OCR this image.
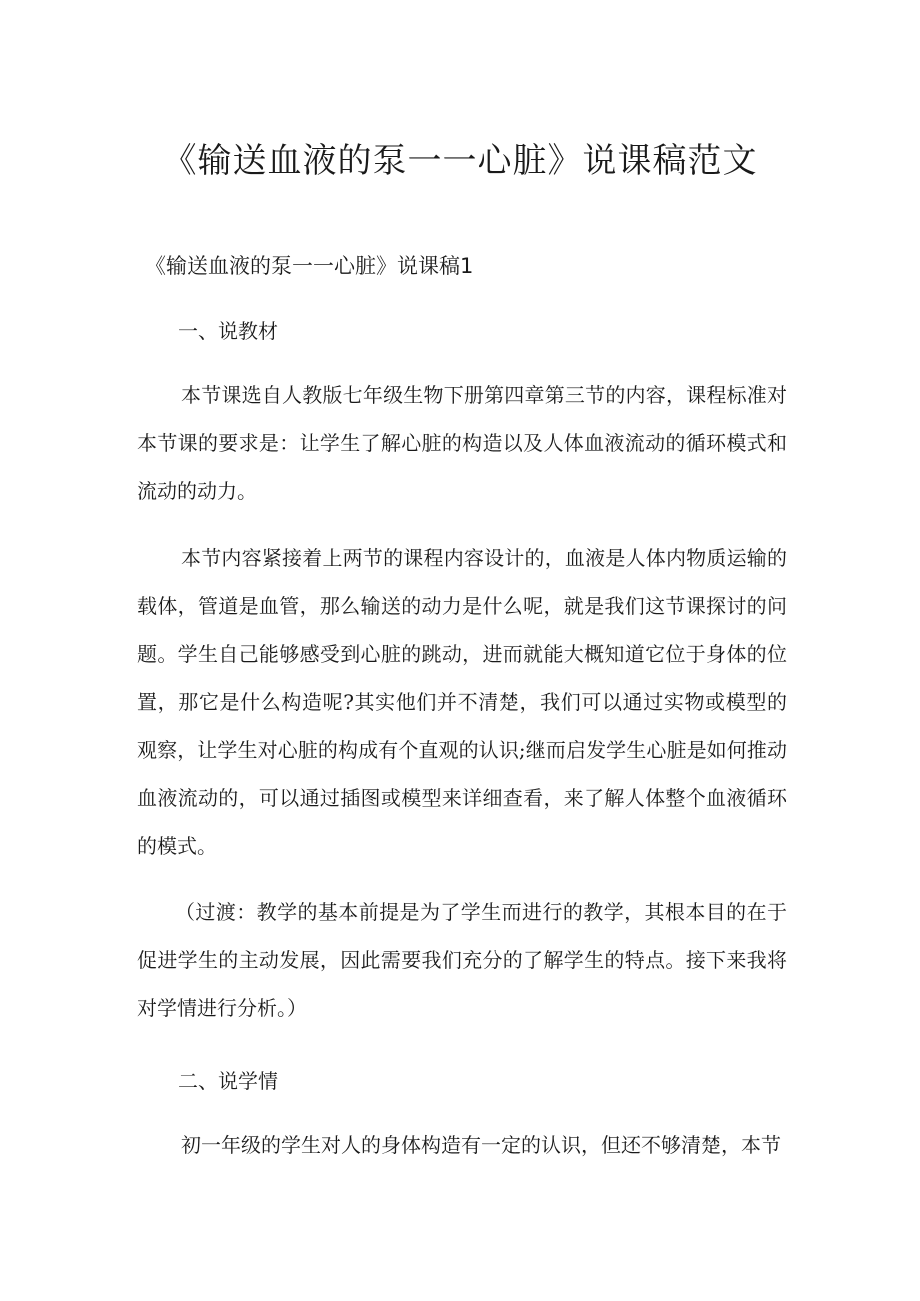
《输送血液的泵一一心脏》说课稿范文
《输送血液的泵一一心脏》说课稿1
一、说教材

本节课选自人教版七年级生物下册第四章第三节的内容，课程标准对本节课的要求是：让学生了解心脏的构造以及人体血液流动的循环模式和流动的动力。

本节内容紧接着上两节的课程内容设计的，血液是人体内物质运输的载体，管道是血管，那么输送的动力是什么呢，就是我们这节课探讨的问题。学生自己能够感受到心脏的跳动，进而就能大概知道它位于身体的位置，那它是什么构造呢?其实他们并不清楚，我们可以通过实物或模型的观察，让学生对心脏的构成有个直观的认识;继而启发学生心脏是如何推动血液流动的，可以通过插图或模型来详细查看，来了解人体整个血液循环的模式。

（过渡：教学的基本前提是为了学生而进行的教学，其根本目的在于促进学生的主动发展，因此需要我们充分的了解学生的特点。接下来我将对学情进行分析。）

二、说学情

初一年级的学生对人的身体构造有一定的认识，但还不够清楚，本节
